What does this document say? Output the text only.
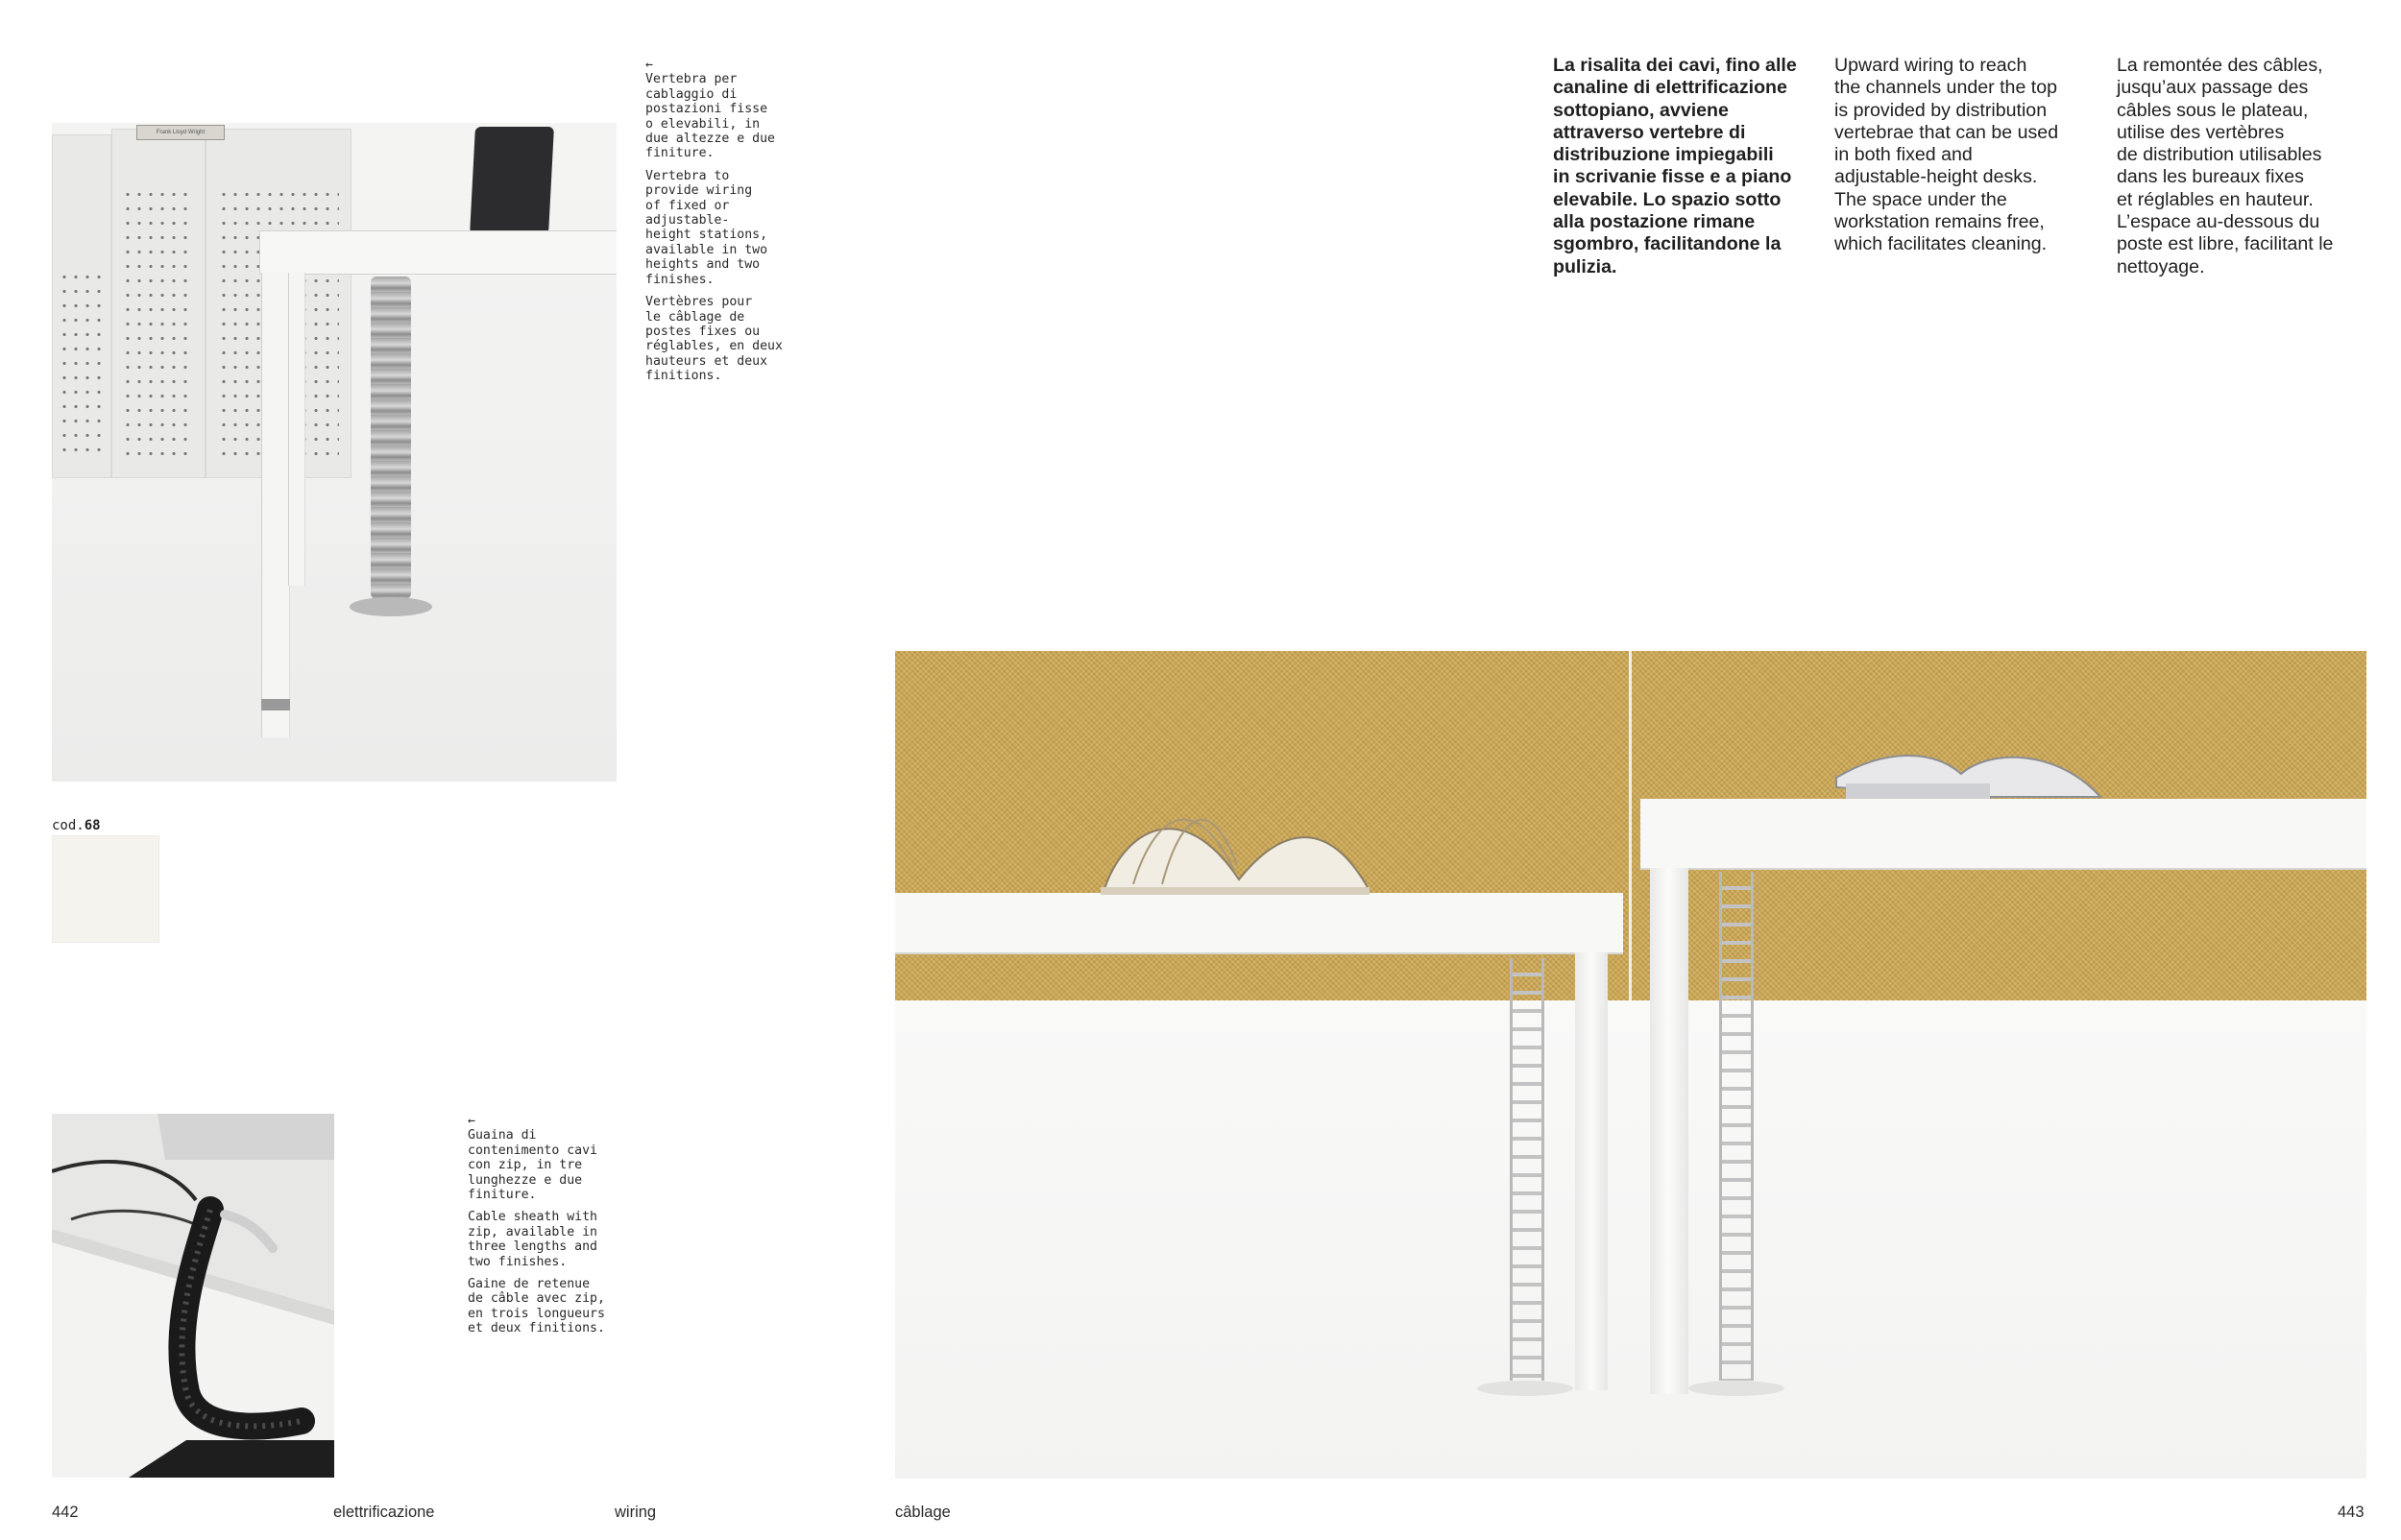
Frank Lloyd Wright

←

Vertebra per
cablaggio di
postazioni fisse
o elevabili, in
due altezze e due
finiture.

Vertebra to
provide wiring
of fixed or
adjustable-
height stations,
available in two
heights and two
finishes.

Vertèbres pour
le câblage de
postes fixes ou
réglables, en deux
hauteurs et deux
finitions.

cod.68

←

Guaina di
contenimento cavi
con zip, in tre
lunghezze e due
finiture.

Cable sheath with
zip, available in
three lengths and
two finishes.

Gaine de retenue
de câble avec zip,
en trois longueurs
et deux finitions.

La risalita dei cavi, fino alle
canaline di elettrificazione
sottopiano, avviene
attraverso vertebre di
distribuzione impiegabili
in scrivanie fisse e a piano
elevabile. Lo spazio sotto
alla postazione rimane
sgombro, facilitandone la
pulizia.

Upward wiring to reach
the channels under the top
is provided by distribution
vertebrae that can be used
in both fixed and
adjustable-height desks.
The space under the
workstation remains free,
which facilitates cleaning.

La remontée des câbles,
jusqu’aux passage des
câbles sous le plateau,
utilise des vertèbres
de distribution utilisables
dans les bureaux fixes
et réglables en hauteur.
L’espace au-dessous du
poste est libre, facilitant le
nettoyage.

442	elettrificazione	wiring	câblage	443
